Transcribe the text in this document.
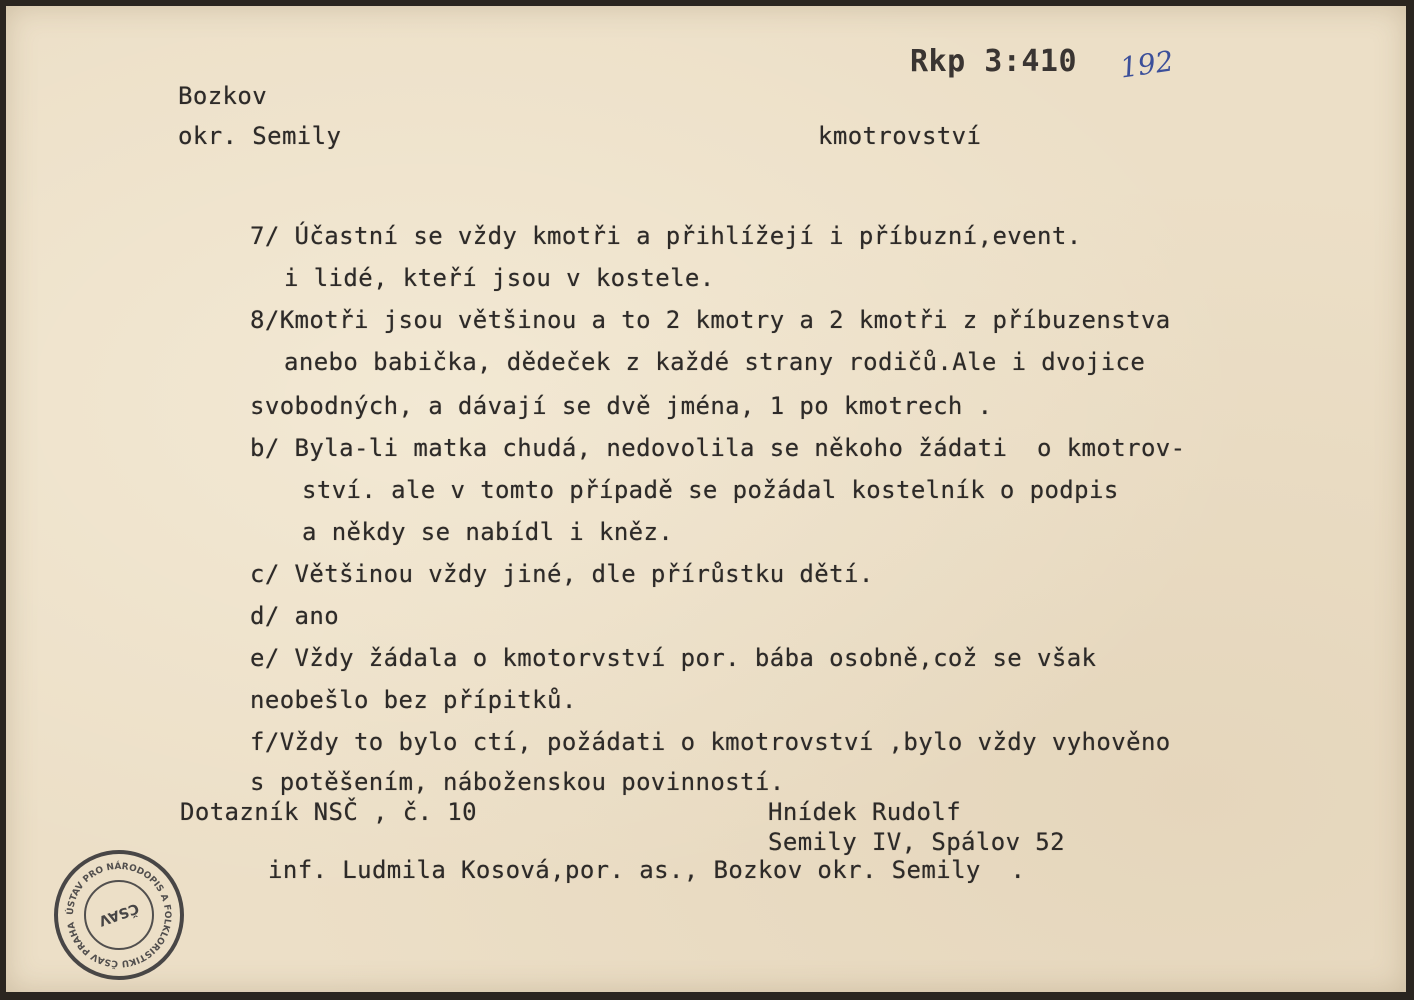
Rkp 3:410 192
Bozkov
okr. Semily	kmotrovství
7/ Účastní se vždy kmotři a přihlížejí i příbuzní,event.
i lidé, kteří jsou v kostele.
8/Kmotři jsou většinou a to 2 kmotry a 2 kmotři z příbuzenstva
anebo babička, dědeček z každé strany rodičů.Ale i dvojice
svobodných, a dávají se dvě jména, 1 po kmotrech .
b/ Byla-li matka chudá, nedovolila se někoho žádati  o kmotrov-
ství. ale v tomto případě se požádal kostelník o podpis
a někdy se nabídl i kněz.
c/ Většinou vždy jiné, dle přírůstku dětí.
d/ ano
e/ Vždy žádala o kmotorvství por. bába osobně,což se však
neobešlo bez přípitků.
f/Vždy to bylo ctí, požádati o kmotrovství ,bylo vždy vyhověno
s potěšením, náboženskou povinností.
Dotazník NSČ , č. 10	Hnídek Rudolf
Semily IV, Spálov 52
inf. Ludmila Kosová,por. as., Bozkov okr. Semily  .
ÚSTAV PRO NÁRODOPIS A FOLKLORISTIKU ČSAV PRAHA	ČSAV
